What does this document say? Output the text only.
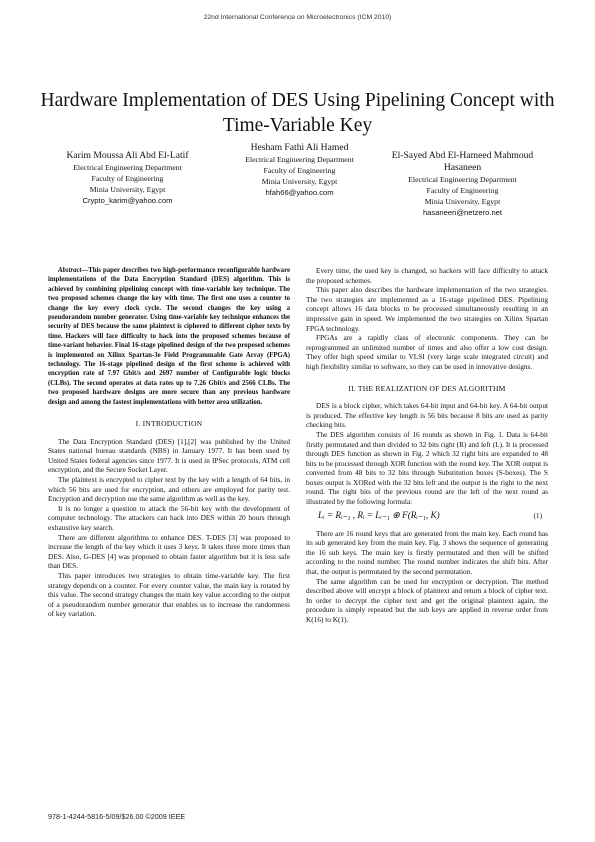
22nd International Conference on Microelectronics (ICM 2010)
Hardware Implementation of DES Using Pipelining Concept with Time-Variable Key
Karim Moussa Ali Abd El-Latif
Electrical Engineering Department
Faculty of Engineering
Minia University, Egypt
Crypto_karim@yahoo.com
Hesham Fathi Ali Hamed
Electrical Engineering Department
Faculty of Engineering
Minia University, Egypt
hfah66@yahoo.com
El-Sayed Abd El-Hameed Mahmoud Hasaneen
Electrical Engineering Department
Faculty of Engineering
Minia University, Egypt
hasaneen@netzero.net

Abstract—This paper describes two high-performance reconfigurable hardware implementations of the Data Encryption Standard (DES) algorithm. This is achieved by combining pipelining concept with time-variable key technique. The two proposed schemes change the key with time. The first one uses a counter to change the key every clock cycle. The second changes the key using a pseudorandom number generator. Using time-variable key technique enhances the security of DES because the same plaintext is ciphered to different cipher texts by time. Hackers will face difficulty to hack into the proposed schemes because of time-variant behavior. Final 16-stage pipelined design of the two proposed schemes is implemented on Xilinx Spartan-3e Field Programmable Gate Array (FPGA) technology. The 16-stage pipelined design of the first scheme is achieved with encryption rate of 7.97 Gbit/s and 2697 number of Configurable logic blocks (CLBs). The second operates at data rates up to 7.26 Gbit/s and 2566 CLBs. The two proposed hardware designs are more secure than any previous hardware design and among the fastest implementations with better area utilization.

I. INTRODUCTION

The Data Encryption Standard (DES) [1],[2] was published by the United States national bureau standards (NBS) in January 1977. It has been used by United States federal agencies since 1977. It is used in IPSec protocols, ATM cell encryption, and the Secure Socket Layer.

The plaintext is encrypted to cipher text by the key with a length of 64 bits, in which 56 bits are used for encryption, and others are employed for parity test. Encryption and decryption use the same algorithm as well as the key.

It is no longer a question to attack the 56-bit key with the development of computer technology. The attackers can hack into DES within 20 hours through exhaustive key search.

There are different algorithms to enhance DES. T-DES [3] was proposed to increase the length of the key which it uses 3 keys. It takes three more times than DES. Also, G-DES [4] was proposed to obtain faster algorithm but it is less safe than DES.

This paper introduces two strategies to obtain time-variable key. The first strategy depends on a counter. For every counter value, the main key is rotated by this value. The second strategy changes the main key value according to the output of a pseudorandom number generator that enables us to increase the randomness of key variation.

Every time, the used key is changed, so hackers will face difficulty to attack the proposed schemes.

This paper also describes the hardware implementation of the two strategies. The two strategies are implemented as a 16-stage pipelined DES. Pipelining concept allows 16 data blocks to be processed simultaneously resulting in an impressive gain in speed. We implemented the two strategies on Xilinx Spartan FPGA technology.

FPGAs are a rapidly class of electronic components. They can be reprogrammed an unlimited number of times and also offer a low cost design. They offer high speed similar to VLSI (very large scale integrated circuit) and high flexibility similar to software, so they can be used in innovative designs.

II. THE REALIZATION OF DES ALGORITHM

DES is a block cipher, which takes 64-bit input and 64-bit key. A 64-bit output is produced. The effective key length is 56 bits because 8 bits are used as parity checking bits.

The DES algorithm consists of 16 rounds as shown in Fig. 1. Data is 64-bit firstly permutated and then divided to 32 bits right (R) and left (L). It is processed through DES function as shown in Fig. 2 which 32 right bits are expanded to 48 bits to be processed through XOR function with the round key. The XOR output is converted from 48 bits to 32 bits through Substitution boxes (S-boxes). The S boxes output is XORed with the 32 bits left and the output is the right to the next round. The right bits of the previous round are the left of the next round as illustrated by the following formula:

Lᵢ = Rᵢ₋₁ , Rᵢ = Lᵢ₋₁ ⊕ F(Rᵢ₋₁, K)	(1)

There are 16 round keys that are generated from the main key. Each round has its sub generated key from the main key. Fig. 3 shows the sequence of generating the 16 sub keys. The main key is firstly permutated and then will be shifted according to the round number. The round number indicates the shift bits. After that, the output is permutated by the second permutation.

The same algorithm can be used for encryption or decryption. The method described above will encrypt a block of plaintext and return a block of cipher text. In order to decrypt the cipher text and get the original plaintext again, the procedure is simply repeated but the sub keys are applied in reverse order from K(16) to K(1).

978-1-4244-5816-5/09/$26.00 ©2009 IEEE
